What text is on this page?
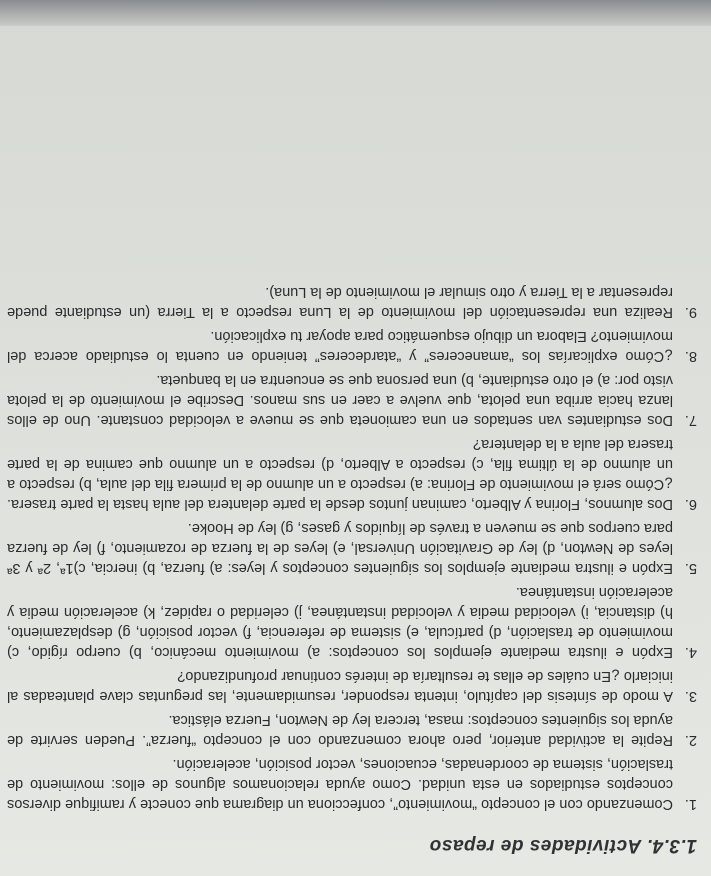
1.3.4. Actividades de repaso
1.
Comenzando con el concepto “movimiento”, confecciona un diagrama que conecte y ramifique diversos conceptos estudiados en esta unidad. Como ayuda relacionamos algunos de ellos: movimiento de traslación, sistema de coordenadas, ecuaciones, vector posición, aceleración.
2.
Repite la actividad anterior, pero ahora comenzando con el concepto “fuerza”. Pueden servirte de ayuda los siguientes conceptos: masa, tercera ley de Newton, Fuerza elástica.
3.
A modo de síntesis del capítulo, intenta responder, resumidamente, las preguntas clave planteadas al iniciarlo ¿En cuáles de ellas te resultaría de interés continuar profundizando?
4.
Expón e ilustra mediante ejemplos los conceptos: a) movimiento mecánico, b) cuerpo rígido, c) movimiento de traslación, d) partícula, e) sistema de referencia, f) vector posición, g) desplazamiento, h) distancia, i) velocidad media y velocidad instantánea, j) celeridad o rapidez, k) aceleración media y aceleración instantánea.
5.
Expón e ilustra mediante ejemplos los siguientes conceptos y leyes: a) fuerza, b) inercia, c)1ª, 2ª y 3ª leyes de Newton, d) ley de Gravitación Universal, e) leyes de la fuerza de rozamiento, f) ley de fuerza para cuerpos que se mueven a través de líquidos y gases, g) ley de Hooke.
6.
Dos alumnos, Florina y Alberto, caminan juntos desde la parte delantera del aula hasta la parte trasera. ¿Cómo será el movimiento de Florina: a) respecto a un alumno de la primera fila del aula, b) respecto a un alumno de la última fila, c) respecto a Alberto, d) respecto a un alumno que camina de la parte trasera del aula a la delantera?
7.
Dos estudiantes van sentados en una camioneta que se mueve a velocidad constante. Uno de ellos lanza hacia arriba una pelota, que vuelve a caer en sus manos. Describe el movimiento de la pelota visto por: a) el otro estudiante, b) una persona que se encuentra en la banqueta.
8.
¿Cómo explicarías los “amaneceres” y “atardeceres” teniendo en cuenta lo estudiado acerca del movimiento? Elabora un dibujo esquemático para apoyar tu explicación.
9.
Realiza una representación del movimiento de la Luna respecto a la Tierra (un estudiante puede representar a la Tierra y otro simular el movimiento de la Luna).
